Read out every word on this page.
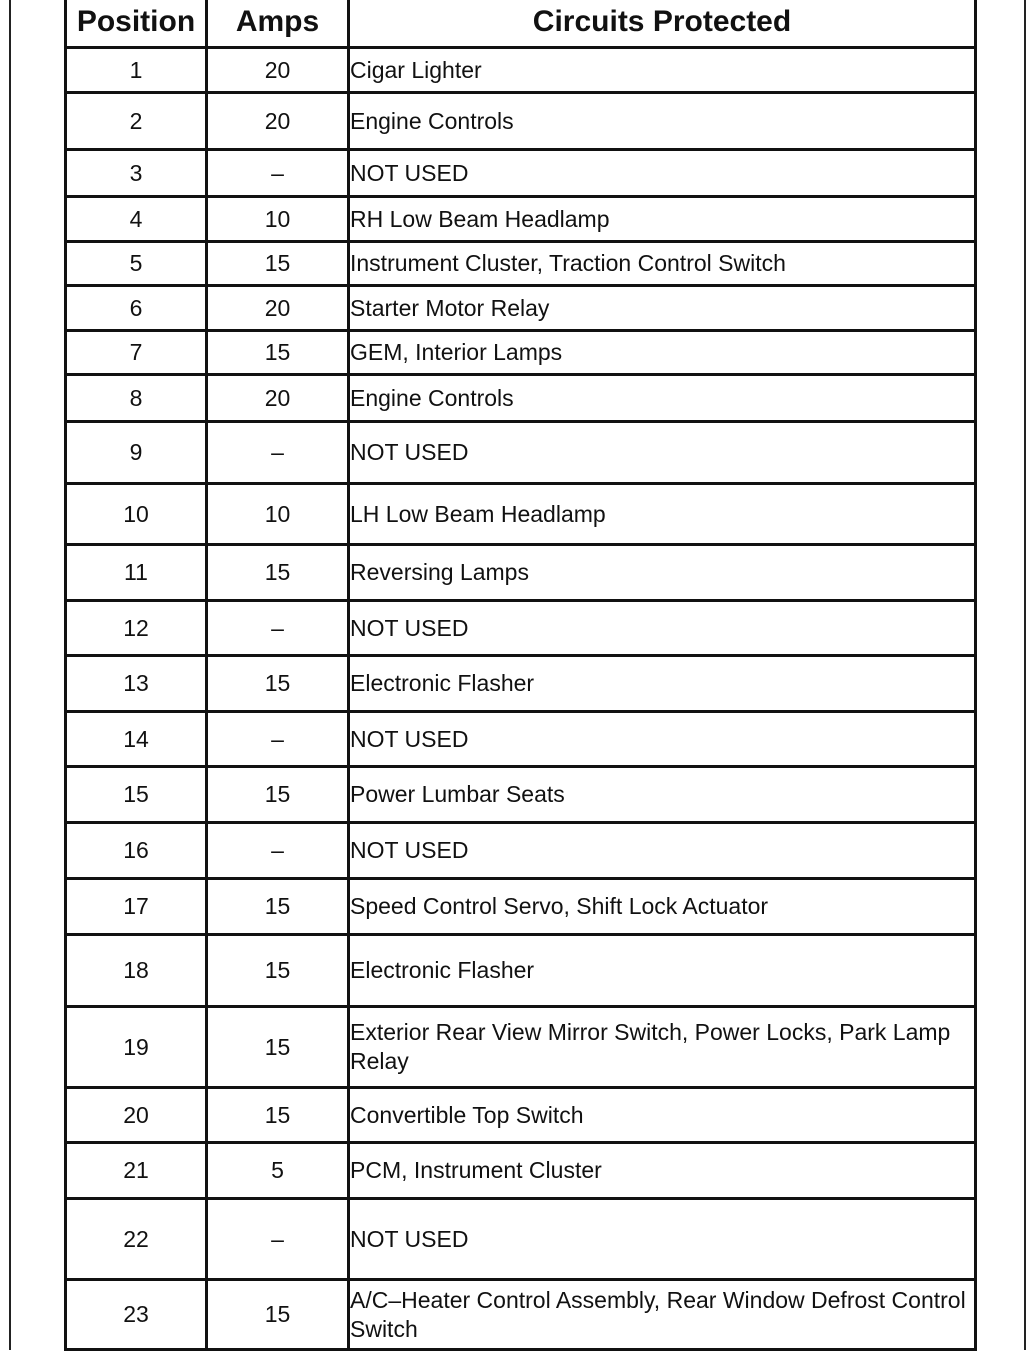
Position	Amps	Circuits Protected
1	20	Cigar Lighter
2	20	Engine Controls
3	–	NOT USED
4	10	RH Low Beam Headlamp
5	15	Instrument Cluster, Traction Control Switch
6	20	Starter Motor Relay
7	15	GEM, Interior Lamps
8	20	Engine Controls
9	–	NOT USED
10	10	LH Low Beam Headlamp
11	15	Reversing Lamps
12	–	NOT USED
13	15	Electronic Flasher
14	–	NOT USED
15	15	Power Lumbar Seats
16	–	NOT USED
17	15	Speed Control Servo, Shift Lock Actuator
18	15	Electronic Flasher
19	15	Exterior Rear View Mirror Switch, Power Locks, Park Lamp Relay
20	15	Convertible Top Switch
21	5	PCM, Instrument Cluster
22	–	NOT USED
23	15	A/C–Heater Control Assembly, Rear Window Defrost Control Switch
